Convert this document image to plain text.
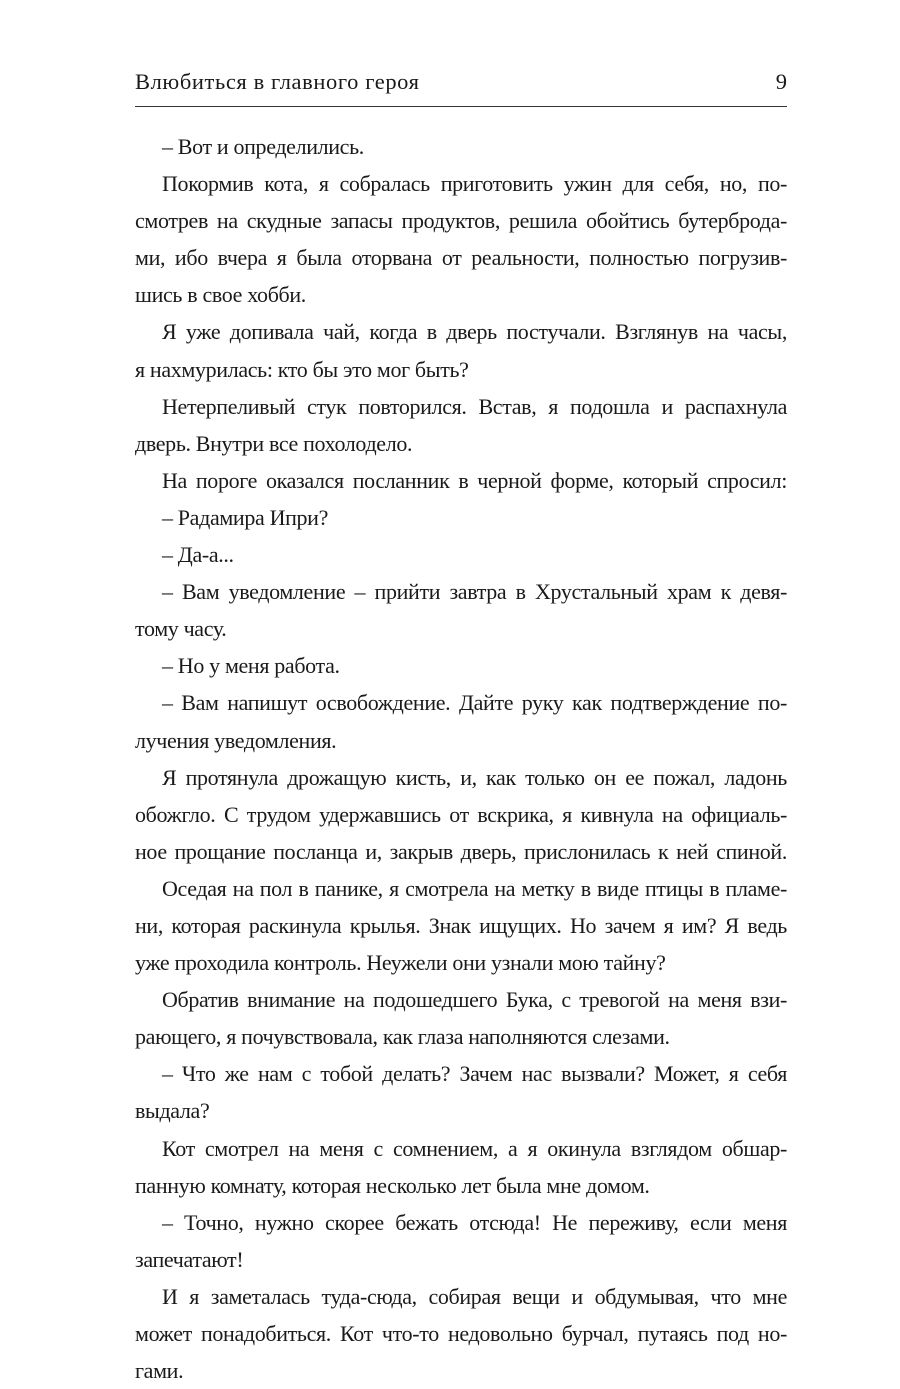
Влюбиться в главного героя	9
– Вот и определились.
Покормив кота, я собралась приготовить ужин для себя, но, по-
смотрев на скудные запасы продуктов, решила обойтись бутерброда-
ми, ибо вчера я была оторвана от реальности, полностью погрузив-
шись в свое хобби.
Я уже допивала чай, когда в дверь постучали. Взглянув на часы,
я нахмурилась: кто бы это мог быть?
Нетерпеливый стук повторился. Встав, я подошла и распахнула
дверь. Внутри все похолодело.
На пороге оказался посланник в черной форме, который спросил:
– Радамира Ипри?
– Да-а...
– Вам уведомление – прийти завтра в Хрустальный храм к девя-
тому часу.
– Но у меня работа.
– Вам напишут освобождение. Дайте руку как подтверждение по-
лучения уведомления.
Я протянула дрожащую кисть, и, как только он ее пожал, ладонь
обожгло. С трудом удержавшись от вскрика, я кивнула на официаль-
ное прощание посланца и, закрыв дверь, прислонилась к ней спиной.
Оседая на пол в панике, я смотрела на метку в виде птицы в пламе-
ни, которая раскинула крылья. Знак ищущих. Но зачем я им? Я ведь
уже проходила контроль. Неужели они узнали мою тайну?
Обратив внимание на подошедшего Бука, с тревогой на меня взи-
рающего, я почувствовала, как глаза наполняются слезами.
– Что же нам с тобой делать? Зачем нас вызвали? Может, я себя
выдала?
Кот смотрел на меня с сомнением, а я окинула взглядом обшар-
панную комнату, которая несколько лет была мне домом.
– Точно, нужно скорее бежать отсюда! Не переживу, если меня
запечатают!
И я заметалась туда-сюда, собирая вещи и обдумывая, что мне
может понадобиться. Кот что-то недовольно бурчал, путаясь под но-
гами.
